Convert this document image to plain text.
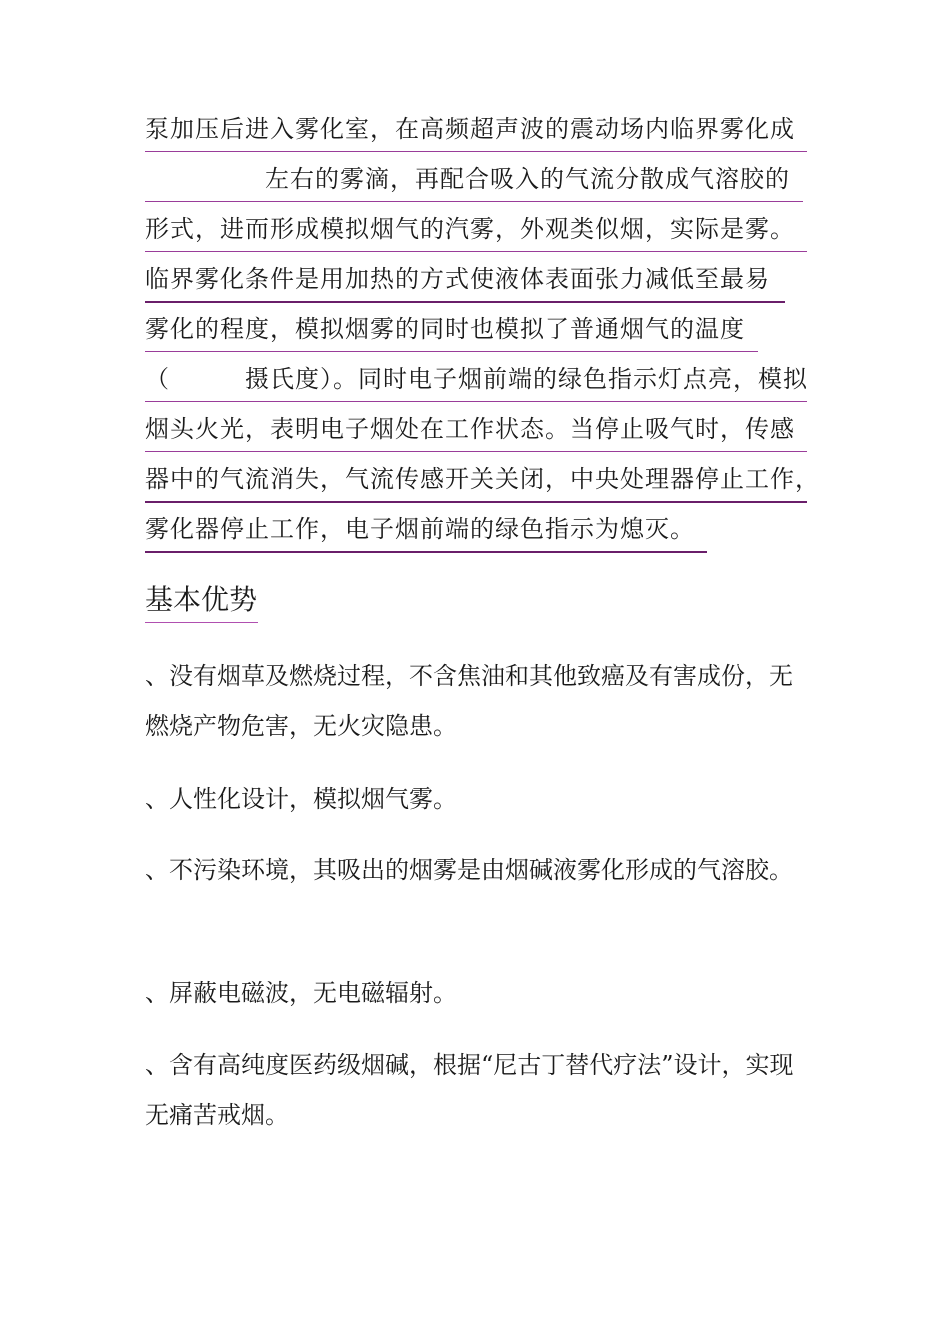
泵加压后进入雾化室，在高频超声波的震动场内临界雾化成
左右的雾滴，再配合吸入的气流分散成气溶胶的
形式，进而形成模拟烟气的汽雾，外观类似烟，实际是雾。
临界雾化条件是用加热的方式使液体表面张力减低至最易
雾化的程度，模拟烟雾的同时也模拟了普通烟气的温度
（　　　摄氏度）。同时电子烟前端的绿色指示灯点亮，模拟
烟头火光，表明电子烟处在工作状态。当停止吸气时，传感
器中的气流消失，气流传感开关关闭，中央处理器停止工作，
雾化器停止工作，电子烟前端的绿色指示为熄灭。
基本优势
、没有烟草及燃烧过程，不含焦油和其他致癌及有害成份，无燃烧产物危害，无火灾隐患。
、人性化设计，模拟烟气雾。
、不污染环境，其吸出的烟雾是由烟碱液雾化形成的气溶胶。
、屏蔽电磁波，无电磁辐射。
、含有高纯度医药级烟碱，根据“尼古丁替代疗法”设计，实现无痛苦戒烟。
